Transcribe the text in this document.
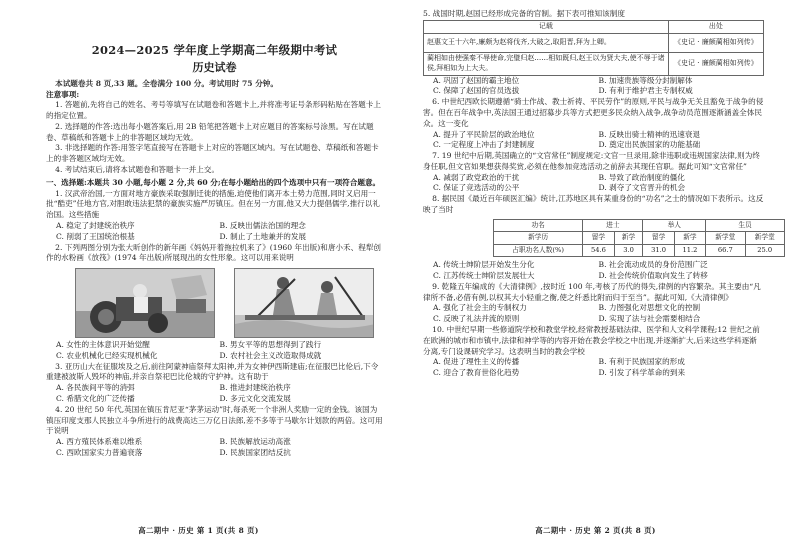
2024—2025 学年度上学期高二年级期中考试
历史试卷
本试题卷共 8 页,33 题。全卷满分 100 分。考试用时 75 分钟。
注意事项:
1. 答题前,先将自己的姓名、考号等填写在试题卷和答题卡上,并将准考证号条形码粘贴在答题卡上的指定位置。
2. 选择题的作答:选出每小题答案后,用 2B 铅笔把答题卡上对应题目的答案标号涂黑。写在试题卷、草稿纸和答题卡上的非答题区域均无效。
3. 非选择题的作答:用签字笔直接写在答题卡上对应的答题区域内。写在试题卷、草稿纸和答题卡上的非答题区域均无效。
4. 考试结束后,请将本试题卷和答题卡一并上交。
一、选择题:本题共 30 小题,每小题 2 分,共 60 分;在每小题给出的四个选项中只有一项符合题意。
1. 汉武帝治国,一方面对地方豪族采取强制迁徙的措施,迫使他们离开本土势力范围,同时又启用一批“酷吏”任地方官,对胆敢违法犯禁的豪族实施严厉镇压。但在另一方面,他又大力提倡儒学,推行以礼治国。这些措施
A. 稳定了封建统治秩序	B. 反映出儒法治国的理念
C. 削弱了王国统治根基	D. 制止了土地兼并的发展
2. 下列两图分别为张大昕创作的新年画《妈妈开着拖拉机来了》(1960 年出版)和唐小禾、程犁创作的水粉画《放筏》(1974 年出版)所展现出的女性形象。这可以用来说明
A. 女性的主体意识开始觉醒	B. 男女平等的思想得到了践行
C. 农业机械化已经实现机械化	D. 农村社会主义改造取得成就
3. 亚历山大在征服埃及之后,前往阿蒙神庙祭拜太阳神,并为女神伊西斯建庙;在征服巴比伦后,下令重建被波斯人毁坏的神庙,并亲自祭祀巴比伦城的守护神。这有助于
A. 各民族间平等的消弭	B. 推进封建统治秩序
C. 希腊文化的广泛传播	D. 多元文化交流发展
4. 20 世纪 50 年代,英国在镇压肯尼亚“茅茅运动”时,每杀死一个非洲人奖励一定的金钱。该国为镇压印度支那人民独立斗争所进行的战费高达三万亿日法郎,差不多等于马歇尔计划款的两倍。这可用于说明
A. 西方殖民体系难以维系	B. 民族解放运动高涨
C. 西欧国家实力普遍衰落	D. 民族国家团结反抗
高二期中 · 历史 第 1 页(共 8 页)
5. 战国时期,赵国已经形成完备的官制。据下表可推知该制度
记载	出处
赵惠文王十六年,廉颇为赵将伐齐,大破之,取阳晋,拜为上卿。	《史记 · 廉颇蔺相如列传》
蔺相如由使强秦不辱使命,完璧归赵……相如既归,赵王以为贤大夫,使不辱于诸侯,拜相如为上大夫。	《史记 · 廉颇蔺相如列传》
A. 巩固了赵国的霸主地位	B. 加速贵族等级分封制解体
C. 保障了赵国的官员选拔	D. 有利于维护君主专制权威
6. 中世纪西欧长期遵循“骑士作战、教士祈祷、平民劳作”的原则,平民与战争无关且豁免于战争的侵害。但在百年战争中,英法国王通过招募步兵等方式把更多民众纳入战争,战争动员范围逐渐涵盖全体民众。这一变化
A. 提升了平民阶层的政治地位	B. 反映出骑士精神的迅速衰退
C. 一定程度上冲击了封建制度	D. 奠定出民族国家的功能基础
7. 19 世纪中后期,英国确立的“文官常任”制度规定:文官一旦录用,除非违职或违规国家法律,则为终身任职,但文官如果想获得奖赏,必须在他参加竞选活动之前辞去其现任官职。据此可知“文官常任”
A. 减弱了政党政治的干扰	B. 导致了政治制度的僵化
C. 保证了竞选活动的公平	D. 剥夺了文官晋升的机会
8. 据民国《最近百年硕医汇编》统计,江苏地区具有某重身份的“功名”之士的情况如下表所示。这反映了当时
功名	进士		举人		生员	
新学历	留学	新学	留学	新学	新学堂	新学堂
占职功名人数(%)	54.6	3.0	31.0	11.2	66.7	25.0
A. 传统士绅阶层开始发生分化	B. 社会流动成员的身份范围广泛
C. 江苏传统士绅阶层发展壮大	D. 社会传统价值取向发生了转移
9. 乾隆五年编成的《大清律例》,按时近 100 年,考核了历代的得失,律例的内容繁杂。其主要由“凡律所不备,必借有例,以权其大小轻重之衡,使之纤悉比附而归于至当”。据此可知,《大清律例》
A. 强化了社会主的专制权力	B. 力图强化对思想文化的控制
C. 反映了礼法并流的原则	D. 实现了法与社会需要相结合
10. 中世纪早期一些修道院学校和教堂学校,经常教授基础法律、医学和人文科学课程;12 世纪之前在欧洲的城市和市镇中,法律和神学等的内容开始在教会学校之中出现,并逐渐扩大,后来这些学科逐渐分离,专门设课研究学习。这表明当时的教会学校
A. 促进了理性主义的传播	B. 有利于民族国家的形成
C. 迎合了教育世俗化趋势	D. 引发了科学革命的到来
高二期中 · 历史 第 2 页(共 8 页)
